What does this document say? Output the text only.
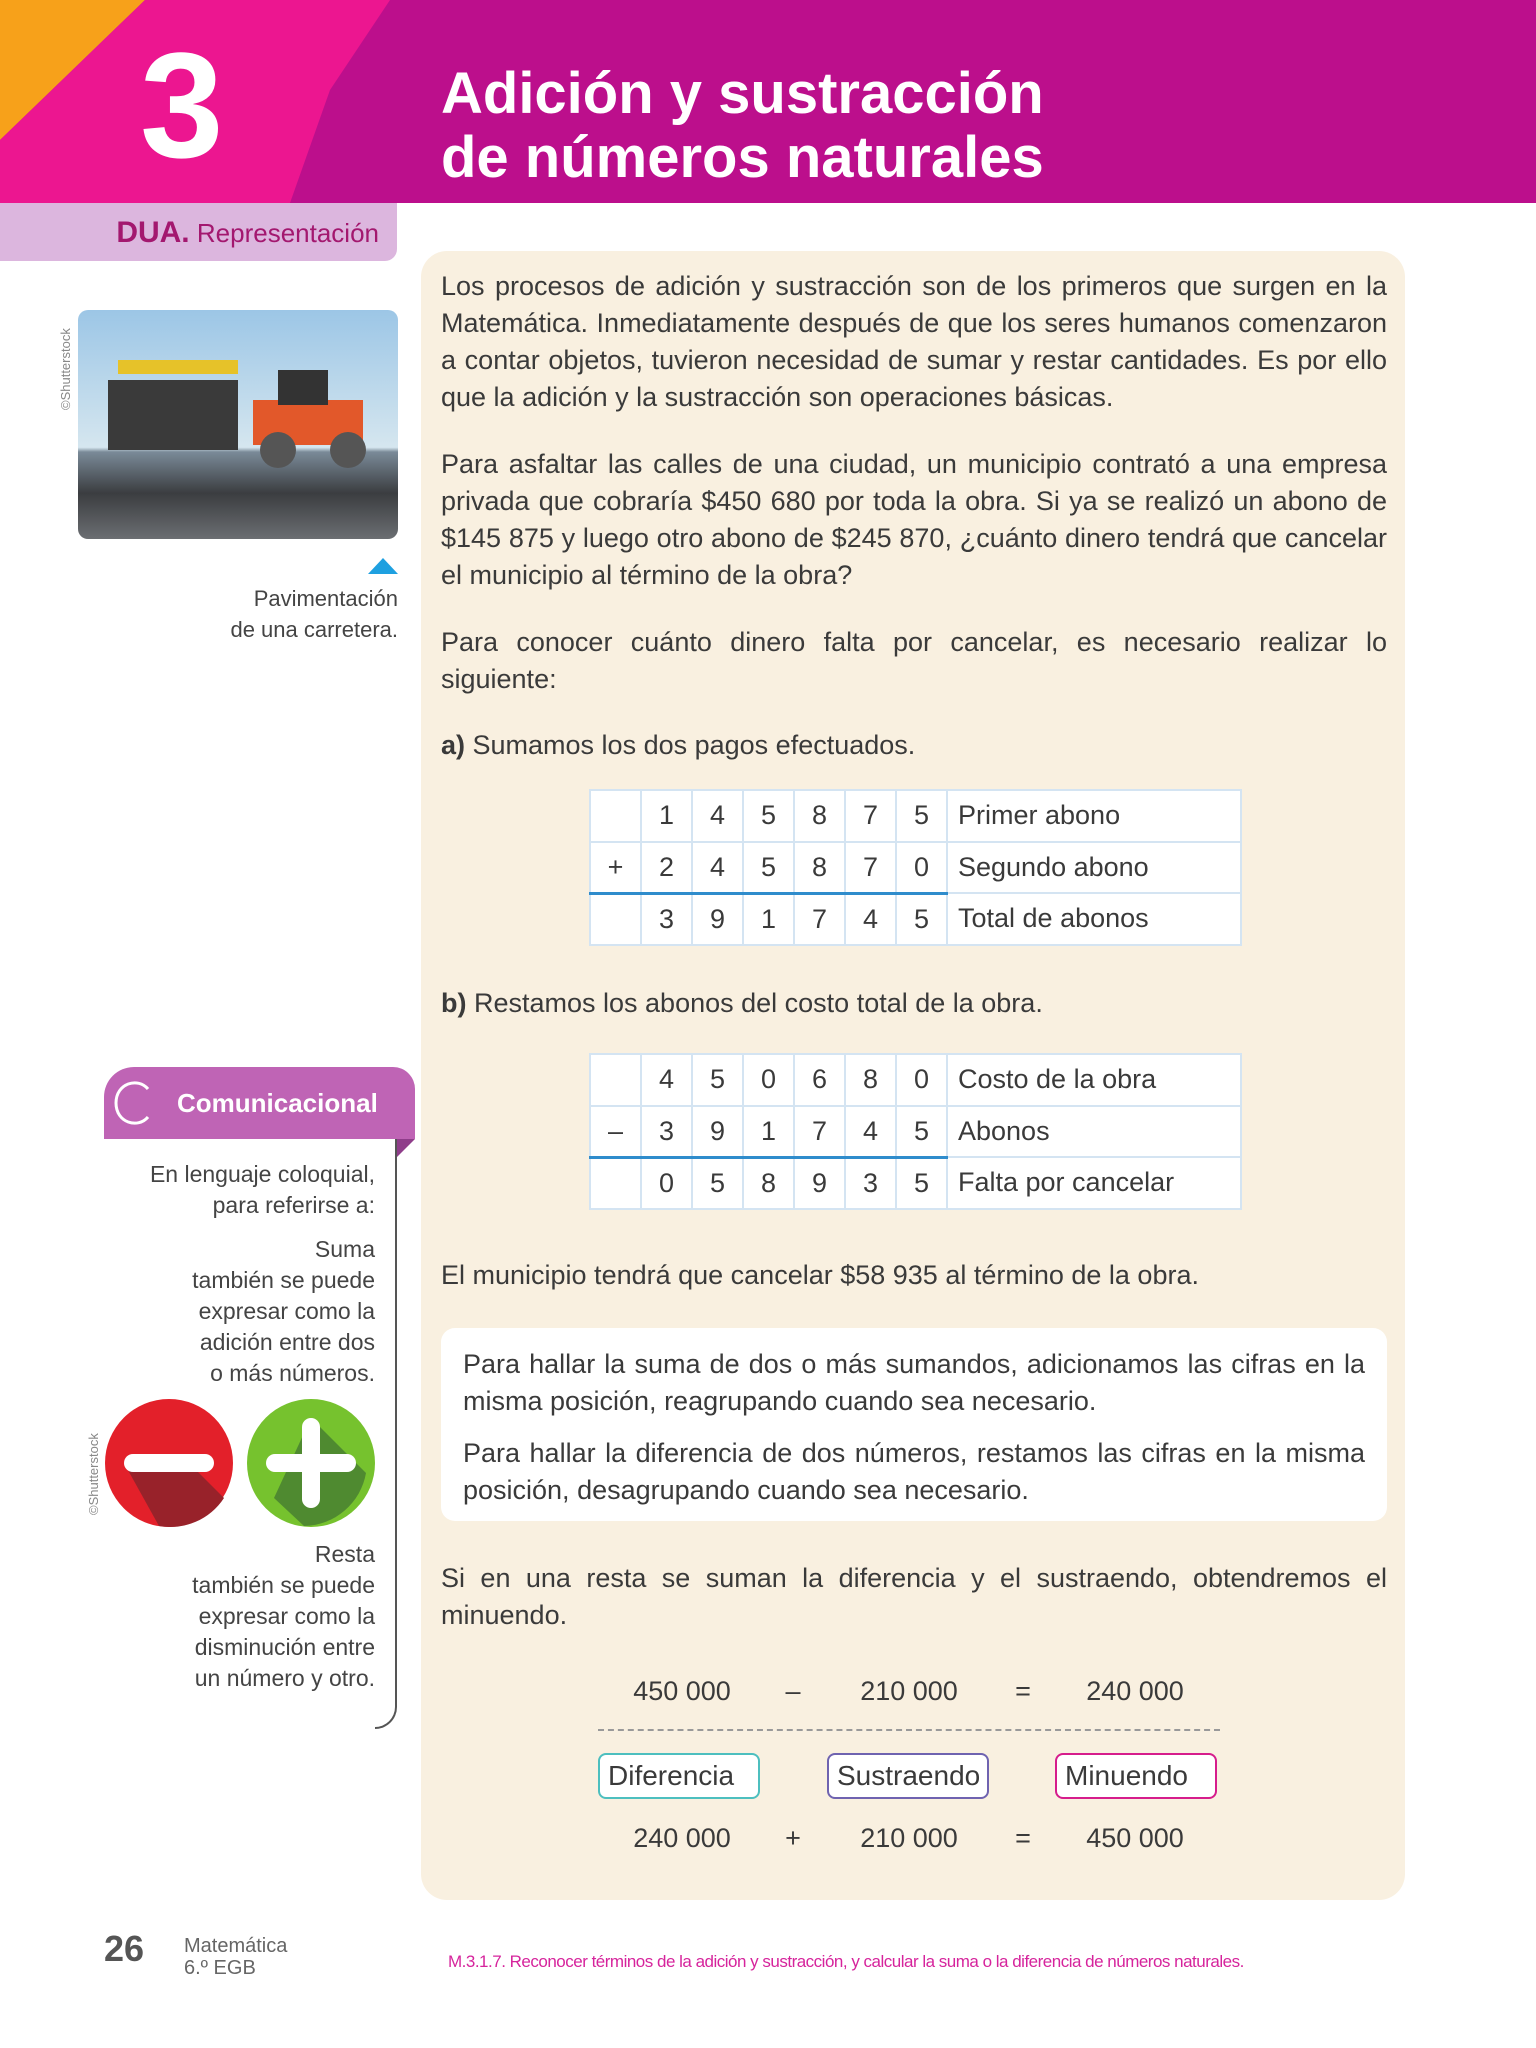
3	Adición y sustracción
de números naturales
DUA. Representación
©Shutterstock
Pavimentación
de una carretera.
Los procesos de adición y sustracción son de los primeros que surgen en la Matemática. Inmediatamente después de que los seres humanos comenzaron a contar objetos, tuvieron necesidad de sumar y restar cantidades. Es por ello que la adición y la sustracción son operaciones básicas.
Para asfaltar las calles de una ciudad, un municipio contrató a una empresa privada que cobraría $450 680 por toda la obra. Si ya se realizó un abono de $145 875 y luego otro abono de $245 870, ¿cuánto dinero tendrá que cancelar el municipio al término de la obra?
Para conocer cuánto dinero falta por cancelar, es necesario realizar lo siguiente:
a) Sumamos los dos pagos efectuados.
	1	4	5	8	7	5	Primer abono
+	2	4	5	8	7	0	Segundo abono
	3	9	1	7	4	5	Total de abonos
b) Restamos los abonos del costo total de la obra.
	4	5	0	6	8	0	Costo de la obra
–	3	9	1	7	4	5	Abonos
	0	5	8	9	3	5	Falta por cancelar
El municipio tendrá que cancelar $58 935 al término de la obra.
Para hallar la suma de dos o más sumandos, adicionamos las cifras en la misma posición, reagrupando cuando sea necesario.
Para hallar la diferencia de dos números, restamos las cifras en la misma posición, desagrupando cuando sea necesario.
Si en una resta se suman la diferencia y el sustraendo, obtendremos el minuendo.
450 000	–	210 000	=	240 000
240 000	+	210 000	=	450 000
Diferencia	Sustraendo	Minuendo
Comunicacional
En lenguaje coloquial,
para referirse a:
Suma
también se puede
expresar como la
adición entre dos
o más números.
©Shutterstock
Resta
también se puede
expresar como la
disminución entre
un número y otro.
26 Matemática
6.º EGB	M.3.1.7. Reconocer términos de la adición y sustracción, y calcular la suma o la diferencia de números naturales.
